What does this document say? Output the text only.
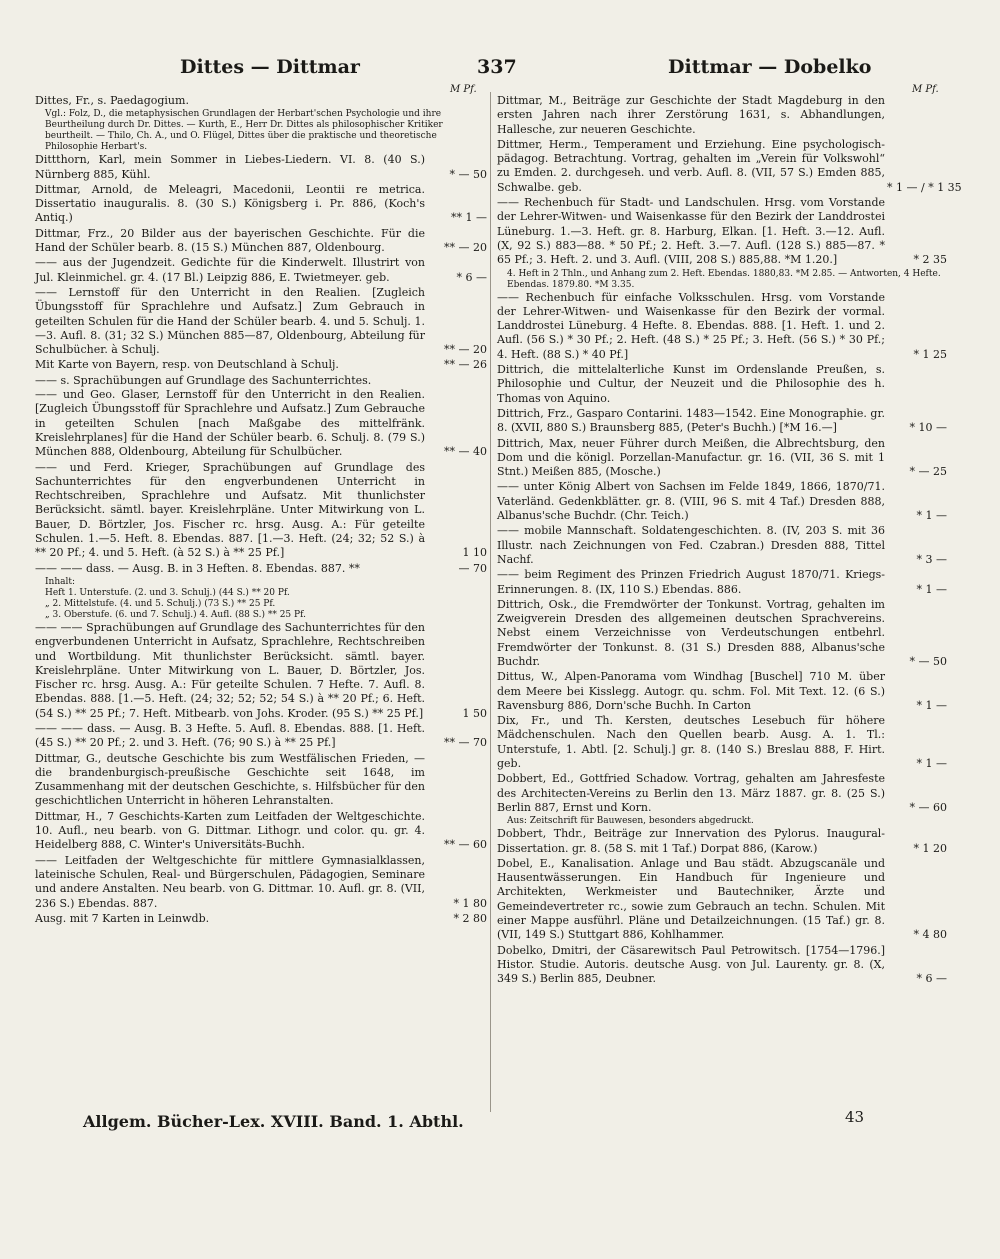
Dittes — Dittmar	337	Dittmar — Dobelko
M Pf.	M Pf.
Dittes, Fr., s. Paedagogium.
Vgl.: Folz, D., die metaphysischen Grundlagen der Herbart'schen Psychologie und ihre Beurtheilung durch Dr. Dittes. — Kurth, E., Herr Dr. Dittes als philosophischer Kritiker beurtheilt. — Thilo, Ch. A., und O. Flügel, Dittes über die praktische und theoretische Philosophie Herbart's.
Dittthorn, Karl, mein Sommer in Liebes-Liedern. VI. 8. (40 S.) Nürnberg 885, Kühl.	* — 50
Dittmar, Arnold, de Meleagri, Macedonii, Leontii re metrica. Dissertatio inauguralis. 8. (30 S.) Königsberg i. Pr. 886, (Koch's Antiq.)	** 1 —
Dittmar, Frz., 20 Bilder aus der bayerischen Geschichte. Für die Hand der Schüler bearb. 8. (15 S.) München 887, Oldenbourg.	** — 20
—— aus der Jugendzeit. Gedichte für die Kinderwelt. Illustrirt von Jul. Kleinmichel. gr. 4. (17 Bl.) Leipzig 886, E. Twietmeyer. geb.	* 6 —
—— Lernstoff für den Unterricht in den Realien. [Zugleich Übungsstoff für Sprachlehre und Aufsatz.] Zum Gebrauch in geteilten Schulen für die Hand der Schüler bearb. 4. und 5. Schulj. 1.—3. Aufl. 8. (31; 32 S.) München 885—87, Oldenbourg, Abteilung für Schulbücher. à Schulj.	** — 20
Mit Karte von Bayern, resp. von Deutschland à Schulj.	** — 26
—— s. Sprachübungen auf Grundlage des Sachunterrichtes.
—— und Geo. Glaser, Lernstoff für den Unterricht in den Realien. [Zugleich Übungsstoff für Sprachlehre und Aufsatz.] Zum Gebrauche in geteilten Schulen [nach Maßgabe des mittelfränk. Kreislehrplanes] für die Hand der Schüler bearb. 6. Schulj. 8. (79 S.) München 888, Oldenbourg, Abteilung für Schulbücher.	** — 40
—— und Ferd. Krieger, Sprachübungen auf Grundlage des Sachunterrichtes für den engverbundenen Unterricht in Rechtschreiben, Sprachlehre und Aufsatz. Mit thunlichster Berücksicht. sämtl. bayer. Kreislehrpläne. Unter Mitwirkung von L. Bauer, D. Börtzler, Jos. Fischer rc. hrsg. Ausg. A.: Für geteilte Schulen. 1.—5. Heft. 8. Ebendas. 887. [1.—3. Heft. (24; 32; 52 S.) à ** 20 Pf.; 4. und 5. Heft. (à 52 S.) à ** 25 Pf.]	1 10
—— —— dass. — Ausg. B. in 3 Heften. 8. Ebendas. 887. **	— 70
Inhalt:
Heft 1. Unterstufe. (2. und 3. Schulj.) (44 S.) ** 20 Pf.
„ 2. Mittelstufe. (4. und 5. Schulj.) (73 S.) ** 25 Pf.
„ 3. Oberstufe. (6. und 7. Schulj.) 4. Aufl. (88 S.) ** 25 Pf.
—— —— Sprachübungen auf Grundlage des Sachunterrichtes für den engverbundenen Unterricht in Aufsatz, Sprachlehre, Rechtschreiben und Wortbildung. Mit thunlichster Berücksicht. sämtl. bayer. Kreislehrpläne. Unter Mitwirkung von L. Bauer, D. Börtzler, Jos. Fischer rc. hrsg. Ausg. A.: Für geteilte Schulen. 7 Hefte. 7. Aufl. 8. Ebendas. 888. [1.—5. Heft. (24; 32; 52; 52; 54 S.) à ** 20 Pf.; 6. Heft. (54 S.) ** 25 Pf.; 7. Heft. Mitbearb. von Johs. Kroder. (95 S.) ** 25 Pf.]	1 50
—— —— dass. — Ausg. B. 3 Hefte. 5. Aufl. 8. Ebendas. 888. [1. Heft. (45 S.) ** 20 Pf.; 2. und 3. Heft. (76; 90 S.) à ** 25 Pf.]	** — 70
Dittmar, G., deutsche Geschichte bis zum Westfälischen Frieden, — die brandenburgisch-preußische Geschichte seit 1648, im Zusammenhang mit der deutschen Geschichte, s. Hilfsbücher für den geschichtlichen Unterricht in höheren Lehranstalten.
Dittmar, H., 7 Geschichts-Karten zum Leitfaden der Weltgeschichte. 10. Aufl., neu bearb. von G. Dittmar. Lithogr. und color. qu. gr. 4. Heidelberg 888, C. Winter's Universitäts-Buchh.	** — 60
—— Leitfaden der Weltgeschichte für mittlere Gymnasialklassen, lateinische Schulen, Real- und Bürgerschulen, Pädagogien, Seminare und andere Anstalten. Neu bearb. von G. Dittmar. 10. Aufl. gr. 8. (VII, 236 S.) Ebendas. 887.	* 1 80
Ausg. mit 7 Karten in Leinwdb.	* 2 80
Dittmar, M., Beiträge zur Geschichte der Stadt Magdeburg in den ersten Jahren nach ihrer Zerstörung 1631, s. Abhandlungen, Hallesche, zur neueren Geschichte.
Dittmer, Herm., Temperament und Erziehung. Eine psychologisch-pädagog. Betrachtung. Vortrag, gehalten im „Verein für Volkswohl“ zu Emden. 2. durchgeseh. und verb. Aufl. 8. (VII, 57 S.) Emden 885, Schwalbe. geb.	* 1 — / * 1 35
—— Rechenbuch für Stadt- und Landschulen. Hrsg. vom Vorstande der Lehrer-Witwen- und Waisenkasse für den Bezirk der Landdrostei Lüneburg. 1.—3. Heft. gr. 8. Harburg, Elkan. [1. Heft. 3.—12. Aufl. (X, 92 S.) 883—88. * 50 Pf.; 2. Heft. 3.—7. Aufl. (128 S.) 885—87. * 65 Pf.; 3. Heft. 2. und 3. Aufl. (VIII, 208 S.) 885,88. *M 1.20.]	* 2 35
4. Heft in 2 Thln., und Anhang zum 2. Heft. Ebendas. 1880,83. *M 2.85. — Antworten, 4 Hefte. Ebendas. 1879.80. *M 3.35.
—— Rechenbuch für einfache Volksschulen. Hrsg. vom Vorstande der Lehrer-Witwen- und Waisenkasse für den Bezirk der vormal. Landdrostei Lüneburg. 4 Hefte. 8. Ebendas. 888. [1. Heft. 1. und 2. Aufl. (56 S.) * 30 Pf.; 2. Heft. (48 S.) * 25 Pf.; 3. Heft. (56 S.) * 30 Pf.; 4. Heft. (88 S.) * 40 Pf.]	* 1 25
Dittrich, die mittelalterliche Kunst im Ordenslande Preußen, s. Philosophie und Cultur, der Neuzeit und die Philosophie des h. Thomas von Aquino.
Dittrich, Frz., Gasparo Contarini. 1483—1542. Eine Monographie. gr. 8. (XVII, 880 S.) Braunsberg 885, (Peter's Buchh.) [*M 16.—]	* 10 —
Dittrich, Max, neuer Führer durch Meißen, die Albrechtsburg, den Dom und die königl. Porzellan-Manufactur. gr. 16. (VII, 36 S. mit 1 Stnt.) Meißen 885, (Mosche.)	* — 25
—— unter König Albert von Sachsen im Felde 1849, 1866, 1870/71. Vaterländ. Gedenkblätter. gr. 8. (VIII, 96 S. mit 4 Taf.) Dresden 888, Albanus'sche Buchdr. (Chr. Teich.)	* 1 —
—— mobile Mannschaft. Soldatengeschichten. 8. (IV, 203 S. mit 36 Illustr. nach Zeichnungen von Fed. Czabran.) Dresden 888, Tittel Nachf.	* 3 —
—— beim Regiment des Prinzen Friedrich August 1870/71. Kriegs-Erinnerungen. 8. (IX, 110 S.) Ebendas. 886.	* 1 —
Dittrich, Osk., die Fremdwörter der Tonkunst. Vortrag, gehalten im Zweigverein Dresden des allgemeinen deutschen Sprachvereins. Nebst einem Verzeichnisse von Verdeutschungen entbehrl. Fremdwörter der Tonkunst. 8. (31 S.) Dresden 888, Albanus'sche Buchdr.	* — 50
Dittus, W., Alpen-Panorama vom Windhag [Buschel] 710 M. über dem Meere bei Kisslegg. Autogr. qu. schm. Fol. Mit Text. 12. (6 S.) Ravensburg 886, Dorn'sche Buchh. In Carton	* 1 —
Dix, Fr., und Th. Kersten, deutsches Lesebuch für höhere Mädchenschulen. Nach den Quellen bearb. Ausg. A. 1. Tl.: Unterstufe, 1. Abtl. [2. Schulj.] gr. 8. (140 S.) Breslau 888, F. Hirt. geb.	* 1 —
Dobbert, Ed., Gottfried Schadow. Vortrag, gehalten am Jahresfeste des Architecten-Vereins zu Berlin den 13. März 1887. gr. 8. (25 S.) Berlin 887, Ernst und Korn.	* — 60
Aus: Zeitschrift für Bauwesen, besonders abgedruckt.
Dobbert, Thdr., Beiträge zur Innervation des Pylorus. Inaugural-Dissertation. gr. 8. (58 S. mit 1 Taf.) Dorpat 886, (Karow.)	* 1 20
Dobel, E., Kanalisation. Anlage und Bau städt. Abzugscanäle und Hausentwässerungen. Ein Handbuch für Ingenieure und Architekten, Werkmeister und Bautechniker, Ärzte und Gemeindevertreter rc., sowie zum Gebrauch an techn. Schulen. Mit einer Mappe ausführl. Pläne und Detailzeichnungen. (15 Taf.) gr. 8. (VII, 149 S.) Stuttgart 886, Kohlhammer.	* 4 80
Dobelko, Dmitri, der Cäsarewitsch Paul Petrowitsch. [1754—1796.] Histor. Studie. Autoris. deutsche Ausg. von Jul. Laurenty. gr. 8. (X, 349 S.) Berlin 885, Deubner.	* 6 —
Allgem. Bücher-Lex. XVIII. Band. 1. Abthl.	43
